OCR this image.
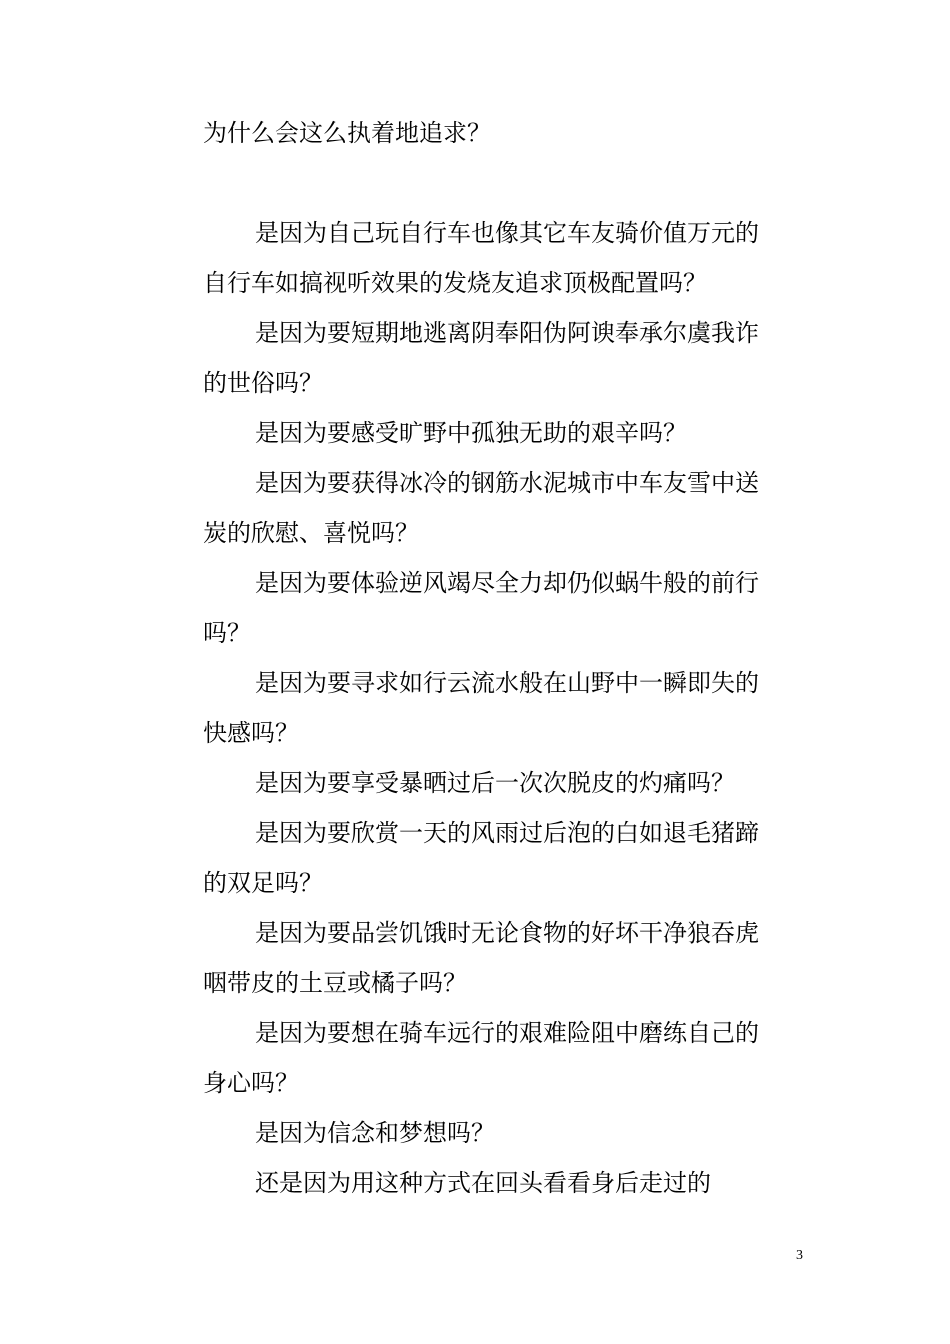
为什么会这么执着地追求？
是因为自己玩自行车也像其它车友骑价值万元的
自行车如搞视听效果的发烧友追求顶极配置吗？
是因为要短期地逃离阴奉阳伪阿谀奉承尔虞我诈
的世俗吗？
是因为要感受旷野中孤独无助的艰辛吗？
是因为要获得冰冷的钢筋水泥城市中车友雪中送
炭的欣慰、喜悦吗？
是因为要体验逆风竭尽全力却仍似蜗牛般的前行
吗？
是因为要寻求如行云流水般在山野中一瞬即失的
快感吗？
是因为要享受暴晒过后一次次脱皮的灼痛吗？
是因为要欣赏一天的风雨过后泡的白如退毛猪蹄
的双足吗？
是因为要品尝饥饿时无论食物的好坏干净狼吞虎
咽带皮的土豆或橘子吗？
是因为要想在骑车远行的艰难险阻中磨练自己的
身心吗？
是因为信念和梦想吗？
还是因为用这种方式在回头看看身后走过的
3
